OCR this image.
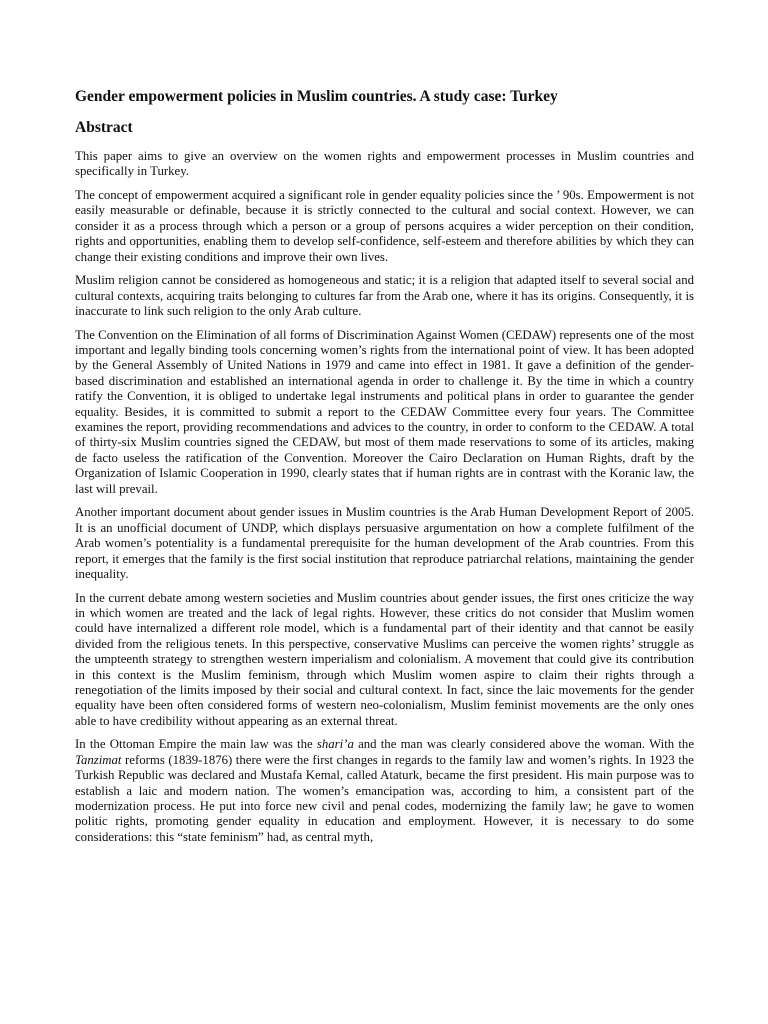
Gender empowerment policies in Muslim countries. A study case: Turkey
Abstract

This paper aims to give an overview on the women rights and empowerment processes in Muslim countries and specifically in Turkey.

The concept of empowerment acquired a significant role in gender equality policies since the ’ 90s. Empowerment is not easily measurable or definable, because it is strictly connected to the cultural and social context. However, we can consider it as a process through which a person or a group of persons acquires a wider perception on their condition, rights and opportunities, enabling them to develop self-confidence, self-esteem and therefore abilities by which they can change their existing conditions and improve their own lives.

Muslim religion cannot be considered as homogeneous and static; it is a religion that adapted itself to several social and cultural contexts, acquiring traits belonging to cultures far from the Arab one, where it has its origins. Consequently, it is inaccurate to link such religion to the only Arab culture.

The Convention on the Elimination of all forms of Discrimination Against Women (CEDAW) represents one of the most important and legally binding tools concerning women’s rights from the international point of view. It has been adopted by the General Assembly of United Nations in 1979 and came into effect in 1981. It gave a definition of the gender-based discrimination and established an international agenda in order to challenge it. By the time in which a country ratify the Convention, it is obliged to undertake legal instruments and political plans in order to guarantee the gender equality. Besides, it is committed to submit a report to the CEDAW Committee every four years. The Committee examines the report, providing recommendations and advices to the country, in order to conform to the CEDAW. A total of thirty-six Muslim countries signed the CEDAW, but most of them made reservations to some of its articles, making de facto useless the ratification of the Convention. Moreover the Cairo Declaration on Human Rights, draft by the Organization of Islamic Cooperation in 1990, clearly states that if human rights are in contrast with the Koranic law, the last will prevail.

Another important document about gender issues in Muslim countries is the Arab Human Development Report of 2005. It is an unofficial document of UNDP, which displays persuasive argumentation on how a complete fulfilment of the Arab women’s potentiality is a fundamental prerequisite for the human development of the Arab countries. From this report, it emerges that the family is the first social institution that reproduce patriarchal relations, maintaining the gender inequality.

In the current debate among western societies and Muslim countries about gender issues, the first ones criticize the way in which women are treated and the lack of legal rights. However, these critics do not consider that Muslim women could have internalized a different role model, which is a fundamental part of their identity and that cannot be easily divided from the religious tenets. In this perspective, conservative Muslims can perceive the women rights’ struggle as the umpteenth strategy to strengthen western imperialism and colonialism. A movement that could give its contribution in this context is the Muslim feminism, through which Muslim women aspire to claim their rights through a renegotiation of the limits imposed by their social and cultural context. In fact, since the laic movements for the gender equality have been often considered forms of western neo-colonialism, Muslim feminist movements are the only ones able to have credibility without appearing as an external threat.

In the Ottoman Empire the main law was the shari’a and the man was clearly considered above the woman. With the Tanzimat reforms (1839-1876) there were the first changes in regards to the family law and women’s rights. In 1923 the Turkish Republic was declared and Mustafa Kemal, called Ataturk, became the first president. His main purpose was to establish a laic and modern nation. The women’s emancipation was, according to him, a consistent part of the modernization process. He put into force new civil and penal codes, modernizing the family law; he gave to women politic rights, promoting gender equality in education and employment. However, it is necessary to do some considerations: this “state feminism” had, as central myth,
